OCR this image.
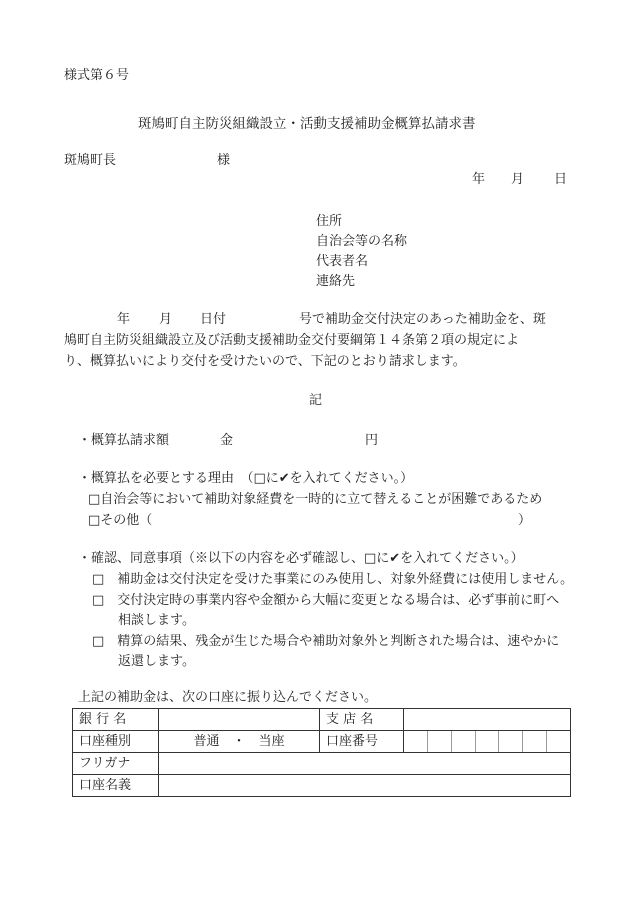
様式第６号
斑鳩町自主防災組織設立・活動支援補助金概算払請求書
斑鳩町長	様
年 月 日
住所
自治会等の名称
代表者名
連絡先
年 月 日付	号で補助金交付決定のあった補助金を、斑
鳩町自主防災組織設立及び活動支援補助金交付要綱第１４条第２項の規定によ
り、概算払いにより交付を受けたいので、下記のとおり請求します。
記
・概算払請求額	金	円
・概算払を必要とする理由　（□に✔を入れてください。）
□自治会等において補助対象経費を一時的に立て替えることが困難であるため
□その他（	）
・確認、同意事項（※以下の内容を必ず確認し、□に✔を入れてください。）
□　補助金は交付決定を受けた事業にのみ使用し、対象外経費には使用しません。
□　交付決定時の事業内容や金額から大幅に変更となる場合は、必ず事前に町へ
相談します。
□　精算の結果、残金が生じた場合や補助対象外と判断された場合は、速やかに
返還します。
上記の補助金は、次の口座に振り込んでください。
銀 行 名		支 店 名	
口座種別	普通　・　当座	口座番号	

フリガナ			
口座名義			
